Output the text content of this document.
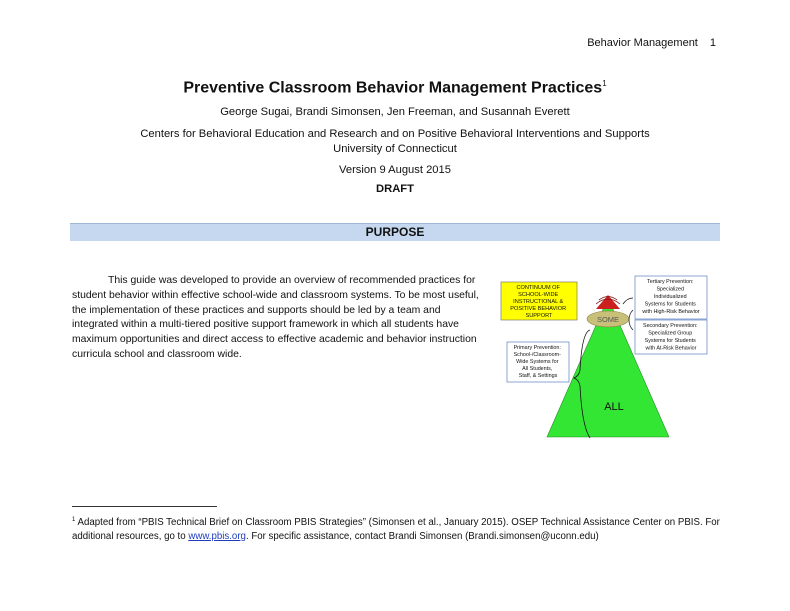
Behavior Management 1
Preventive Classroom Behavior Management Practices$^1$
George Sugai, Brandi Simonsen, Jen Freeman, and Susannah Everett
Centers for Behavioral Education and Research and on Positive Behavioral Interventions and Supports
University of Connecticut
Version 9 August 2015
DRAFT
PURPOSE
This guide was developed to provide an overview of recommended practices for student behavior within effective school-wide and classroom systems. To be most useful, the implementation of these practices and supports should be led by a team and integrated within a multi-tiered positive support framework in which all students have maximum opportunities and direct access to effective academic and behavior instruction curricula school and classroom wide.
SOME
ALL
CONTINUUM OF SCHOOL-WIDE INSTRUCTIONAL & POSITIVE BEHAVIOR SUPPORT
Tertiary Prevention: Specialized Individualized Systems for Students with High-Risk Behavior
Secondary Prevention: Specialized Group Systems for Students with At-Risk Behavior
Primary Prevention: School-/Classroom- Wide Systems for All Students, Staff, & Settings
$^1$ Adapted from “PBIS Technical Brief on Classroom PBIS Strategies” (Simonsen et al., January 2015). OSEP Technical Assistance Center on PBIS. For additional resources, go to www.pbis.org. For specific assistance, contact Brandi Simonsen (Brandi.simonsen@uconn.edu)
